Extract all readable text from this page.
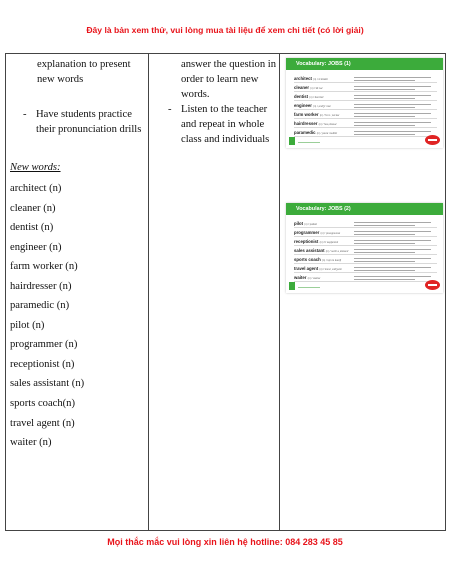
Đây là bản xem thử, vui lòng mua tài liệu để xem chi tiết (có lời giải)
explanation to present new words
- Have students practice their pronunciation drills
New words:
architect (n)
cleaner (n)
dentist (n)
engineer (n)
farm worker (n)
hairdresser (n)
paramedic (n)
pilot (n)
programmer (n)
receptionist (n)
sales assistant (n)
sports coach(n)
travel agent (n)
waiter (n)
answer the question in order to learn new words.
- Listen to the teacher and repeat in whole class and individuals
Vocabulary: JOBS (1)
architect (n) /ˈɑːkɪtekt/
cleaner (n) /ˈkliːnə/
dentist (n) /ˈdentɪst/
engineer (n) /ˌendʒɪˈnɪə/
farm worker (n) /ˈfɑːm ˌwɜːkə/
hairdresser (n) /ˈheəˌdresə/
paramedic (n) /ˌpærəˈmedɪk/
Vocabulary: JOBS (2)
pilot (n) /ˈpaɪlət/
programmer (n) /ˈprəʊɡræmə/
receptionist (n) /rɪˈsepʃənɪst/
sales assistant (n) /ˈseɪlz əˌsɪstənt/
sports coach (n) /ˈspɔːts kəʊtʃ/
travel agent (n) /ˈtrævl ˌeɪdʒənt/
waiter (n) /ˈweɪtə/
Mọi thắc mắc vui lòng xin liên hệ hotline: 084 283 45 85
